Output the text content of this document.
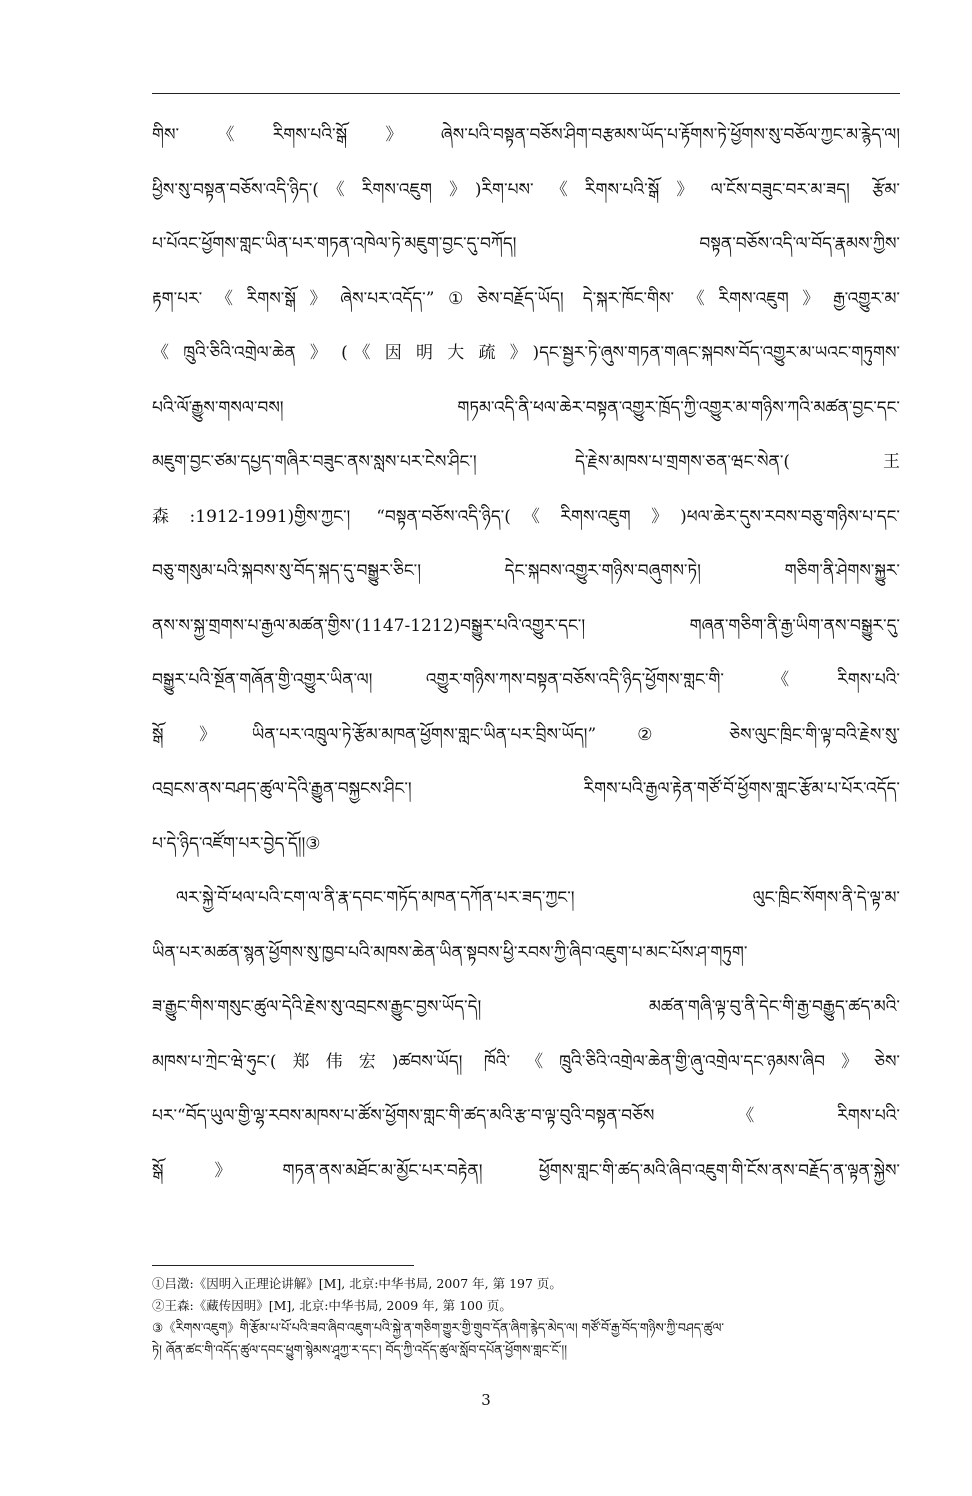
གིས་《རིགས་པའི་སྒོ》ཞེས་པའི་བསྟན་བཅོས་ཤིག་བརྩམས་ཡོད་པ་རྟོགས་ཏེ་ཕྱོགས་སུ་བཅོལ་ཀྱང་མ་རྙེད་ལ།
ཕྱིས་སུ་བསྟན་བཅོས་འདི་ཉིད་(《རིགས་འཇུག》)རིག་པས་《རིགས་པའི་སྒོ》ལ་ངོས་བཟུང་བར་མ་ཟད། རྩོམ་
པ་པོའང་ཕྱོགས་གླང་ཡིན་པར་གཏན་འཁེལ་ཏེ་མཇུག་བྱང་དུ་བཀོད། བསྟན་བཅོས་འདི་ལ་བོད་རྣམས་ཀྱིས་
རྟག་པར་《རིགས་སྒོ》ཞེས་པར་འདོད་”①ཅེས་བརྗོད་ཡོད། དེ་སྐར་ཁོང་གིས་《རིགས་འཇུག》རྒྱ་འགྱུར་མ་
《ཁྲུའི་ཅིའི་འགྲེལ་ཆེན》(《因明大疏》)དང་སྦྱར་ཏེ་ཞུས་གཏན་གཞང་སྐབས་བོད་འགྱུར་མ་ཡའང་གཏུགས་
པའི་ལོ་རྒྱུས་གསལ་བས། གཏམ་འདི་ནི་ཕལ་ཆེར་བསྟན་འགྱུར་ཁྲོད་ཀྱི་འགྱུར་མ་གཉིས་ཀའི་མཚན་བྱང་དང་
མཇུག་བྱང་ཙམ་དཔྱད་གཞིར་བཟུང་ནས་སླས་པར་ངེས་ཤིང་། དེ་རྗེས་མཁས་པ་གྲགས་ཅན་ཝང་སེན་(王
森:1912-1991)གྱིས་ཀྱང་། “བསྟན་བཅོས་འདི་ཉིད་(《རིགས་འཇུག》)ཕལ་ཆེར་དུས་རབས་བཅུ་གཉིས་པ་དང་
བཅུ་གསུམ་པའི་སྐབས་སུ་བོད་སྐད་དུ་བསྒྱུར་ཅིང་། དེང་སྐབས་འགྱུར་གཉིས་བཞུགས་ཏེ། གཅིག་ནི་ཤེགས་སྐྱུར་
ནས་ས་སྐྱ་གྲགས་པ་རྒྱལ་མཚན་གྱིས་(1147-1212)བསྒྱུར་པའི་འགྱུར་དང་། གཞན་གཅིག་ནི་རྒྱ་ཡིག་ནས་བསྒྱུར་དུ་
བསྒྱུར་པའི་སྔོན་གཞོན་གྱི་འགྱུར་ཡིན་ལ། འགྱུར་གཉིས་ཀས་བསྟན་བཅོས་འདི་ཉིད་ཕྱོགས་གླང་གི་《རིགས་པའི་
སྒོ》ཡིན་པར་འཁྲུལ་ཏེ་རྩོམ་མཁན་ཕྱོགས་གླང་ཡིན་པར་བྲིས་ཡོད།” ② ཅེས་ལུང་ཁྲིང་གི་ལྟ་བའི་རྗེས་སུ་
འབྲངས་ནས་བཤད་ཚུལ་དེའི་རྒྱུན་བསྐྱངས་ཤིང་། རིགས་པའི་རྒྱལ་རྟེན་གཙོ་བོ་ཕྱོགས་གླང་རྩོམ་པ་པོར་འདོད་
པ་དེ་ཉིད་འཛོག་པར་བྱེད་དོ།།③
ལར་སྐྱེ་བོ་ཕལ་པའི་ངག་ལ་ནི་རྣ་དབང་གཏོད་མཁན་དཀོན་པར་ཟད་ཀྱང་། ལུང་ཁྲིང་སོགས་ནི་དེ་ལྟ་མ་
ཡིན་པར་མཚན་སྙན་ཕྱོགས་སུ་ཁྱབ་པའི་མཁས་ཆེན་ཡིན་སྟབས་ཕྱི་རབས་ཀྱི་ཞིབ་འཇུག་པ་མང་པོས་ཤ་གཏུག་
ཟ་རྒྱུང་གིས་གསུང་ཚུལ་དེའི་རྗེས་སུ་འབྲངས་རྒྱུང་བྱས་ཡོད་དེ། མཚན་གཞི་ལྟ་བུ་ནི་དེང་གི་རྒྱ་བརྒྱུད་ཚད་མའི་
མཁས་པ་ཀྲེང་ཝེ་ཧུང་(郑伟宏)ཚབས་ཡོད། ཁོའི་《ཁྲུའི་ཅིའི་འགྲེལ་ཆེན་གྱི་ཞུ་འགྲེལ་དང་ཉམས་ཞིབ》ཅེས་
པར་“བོད་ཡུལ་གྱི་ལྷ་རབས་མཁས་པ་ཚོས་ཕྱོགས་གླང་གི་ཚད་མའི་རྩ་བ་ལྟ་བུའི་བསྟན་བཅོས《རིགས་པའི་
སྒོ》གཏན་ནས་མཐོང་མ་མྱོང་པར་བརྟེན། ཕྱོགས་གླང་གི་ཚད་མའི་ཞིབ་འཇུག་གི་ངོས་ནས་བརྗོད་ན་ལྟན་སྐྱེས་
①吕澂:《因明入正理论讲解》[M], 北京:中华书局, 2007 年, 第 197 页。
②王森:《藏传因明》[M], 北京:中华书局, 2009 年, 第 100 页。
③《རིགས་འཇུག》གི་རྩོམ་པ་པོ་པའི་ཟབ་ཞིབ་འཇུག་པའི་སྐྱེ་ན་གཅིག་གྱུར་གྱི་གྲུབ་དོན་ཞིག་རྙེད་མེད་ལ། གཙོ་བོ་རྒྱ་བོད་གཉིས་ཀྱི་བཤད་ཚུལ་
ཏེ། ཞོན་ཚང་གི་འདོད་ཚུལ་དབང་ཕྱུག་སྙེམས་ཤཱཀྱ་ར་དང་། བོད་ཀྱི་འདོད་ཚུལ་སློབ་དཔོན་ཕྱོགས་གླང་ངོ་།།
3
